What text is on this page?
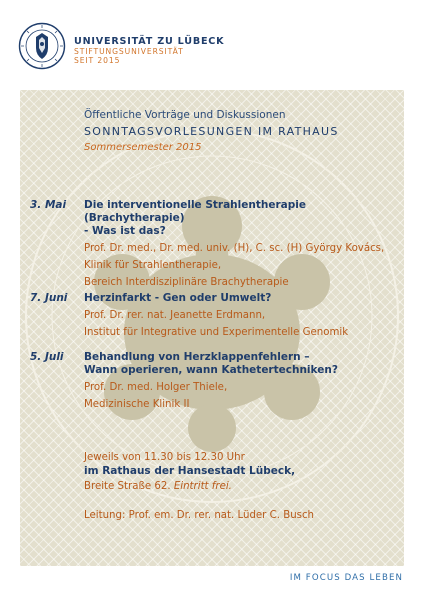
UNIVERSITÄT ZU LÜBECK
STIFTUNGSUNIVERSITÄT
SEIT 2015
Öffentliche Vorträge und Diskussionen
SONNTAGSVORLESUNGEN IM RATHAUS
Sommersemester 2015
3. Mai	Die interventionelle Strahlentherapie (Brachytherapie)
- Was ist das?
Prof. Dr. med., Dr. med. univ. (H), C. sc. (H) György Kovács,
Klinik für Strahlentherapie,
Bereich Interdisziplinäre Brachytherapie
7. Juni	Herzinfarkt - Gen oder Umwelt?
Prof. Dr. rer. nat. Jeanette Erdmann,
Institut für Integrative und Experimentelle Genomik
5. Juli	Behandlung von Herzklappenfehlern –
Wann operieren, wann Kathetertechniken?
Prof. Dr. med. Holger Thiele,
Medizinische Klinik II
Jeweils von 11.30 bis 12.30 Uhr
im Rathaus der Hansestadt Lübeck,
Breite Straße 62. Eintritt frei.
Leitung: Prof. em. Dr. rer. nat. Lüder C. Busch
IM FOCUS DAS LEBEN
